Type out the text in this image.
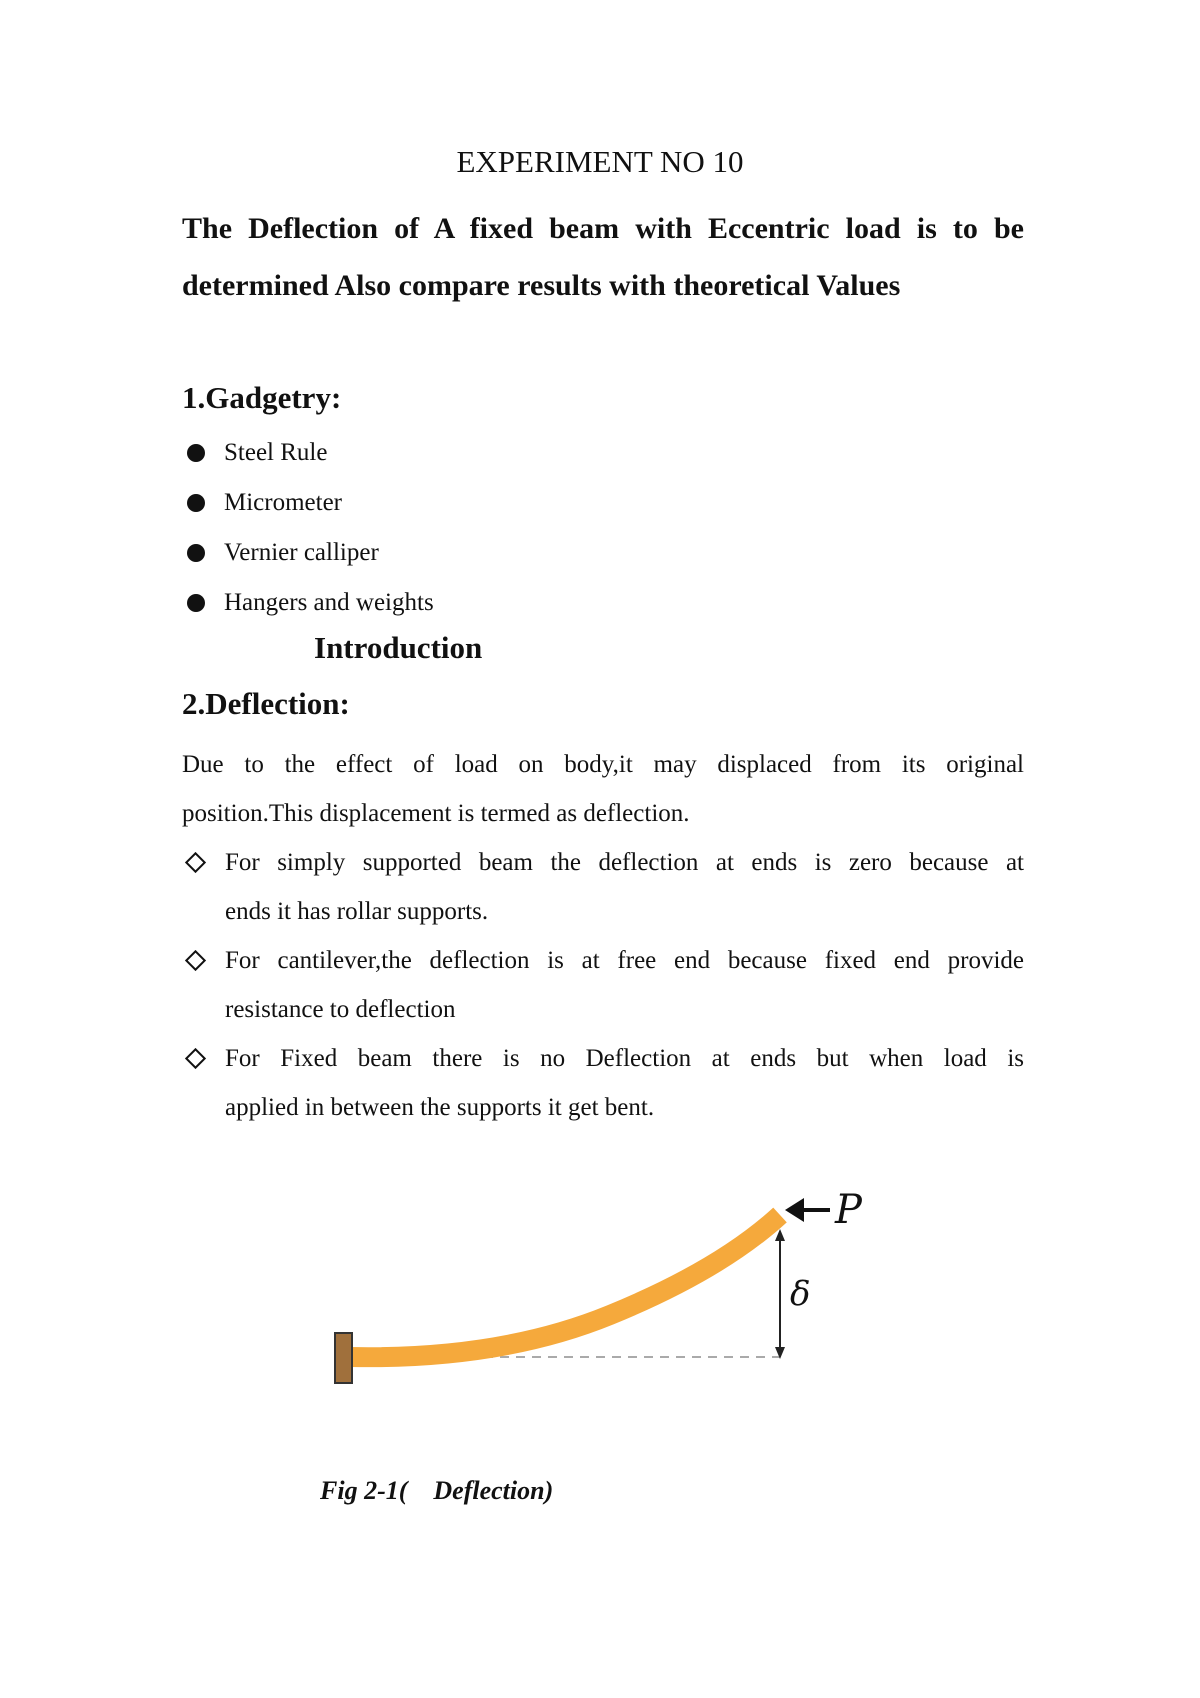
EXPERIMENT NO 10
The Deflection of A fixed beam with Eccentric load is to be
determined Also compare results with theoretical Values
1.Gadgetry:
Steel Rule
Micrometer
Vernier calliper
Hangers and weights
Introduction
2.Deflection:
Due to the effect of load on body,it may displaced from its original
position.This displacement is termed as deflection.
For simply supported beam the deflection at ends is zero because at
ends it has rollar supports.
For cantilever,the deflection is at free end because fixed end provide
resistance to deflection
For Fixed beam there is no Deflection at ends but when load is
applied in between the supports it get bent.
P
δ
Fig 2-1( Deflection)
